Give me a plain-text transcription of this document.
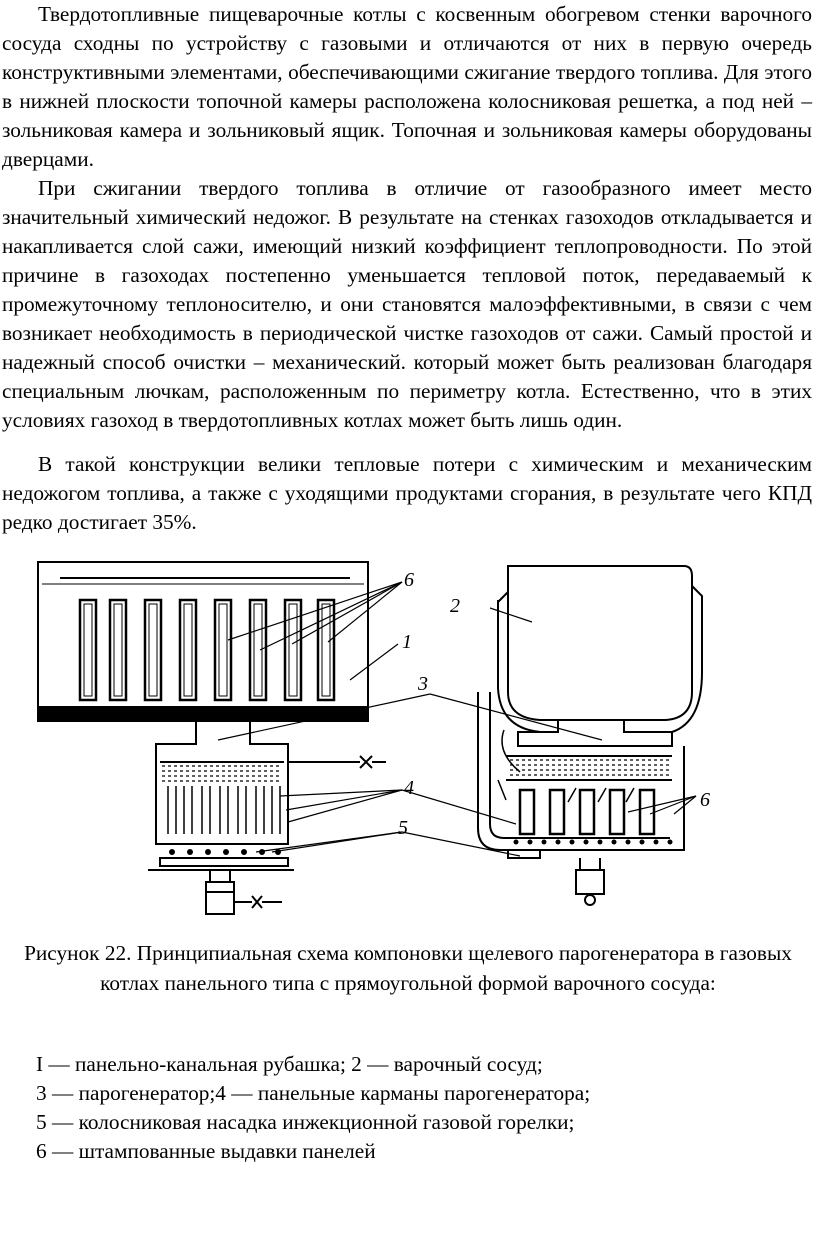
Твердотопливные пищеварочные котлы с косвенным обогревом стенки варочного сосуда сходны по устройству с газовыми и отличаются от них в первую очередь конструктивными элементами, обеспечивающими сжигание твердого топлива. Для этого в нижней плоскости топочной камеры расположена колосниковая решетка, а под ней – зольниковая камера и зольниковый ящик. Топочная и зольниковая камеры оборудованы дверцами.

При сжигании твердого топлива в отличие от газообразного имеет место значительный химический недожог. В результате на стенках газоходов откладывается и накапливается слой сажи, имеющий низкий коэффициент теплопроводности. По этой причине в газоходах постепенно уменьшается тепловой поток, передаваемый к промежуточному теплоносителю, и они становятся малоэффективными, в связи с чем возникает необходимость в периодической чистке газоходов от сажи. Самый простой и надежный способ очистки – механический. который может быть реализован благодаря специальным лючкам, расположенным по периметру котла. Естественно, что в этих условиях газоход в твердотопливных котлах может быть лишь один.

В такой конструкции велики тепловые потери с химическим и механическим недожогом топлива, а также с уходящими продуктами сгорания, в результате чего КПД редко достигает 35%.

6
1
3
4
5
2
6

Рисунок 22. Принципиальная схема компоновки щелевого парогенератора в газовых котлах панельного типа с прямоугольной формой варочного сосуда:

I — панельно-канальная рубашка; 2 — варочный сосуд;
3 — парогенератор;4 — панельные карманы парогенератора;
5 — колосниковая насадка инжекционной газовой горелки;
6 — штампованные выдавки панелей
